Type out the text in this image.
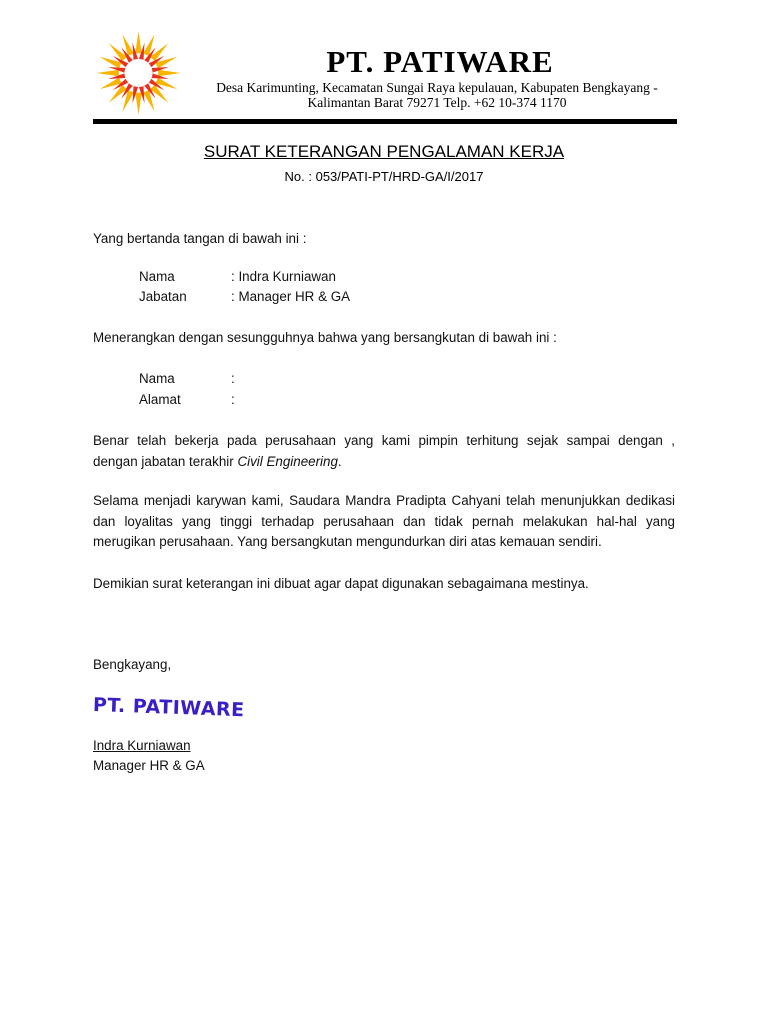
PT. PATIWARE
Desa Karimunting, Kecamatan Sungai Raya kepulauan, Kabupaten Bengkayang -
Kalimantan Barat 79271 Telp. +62 10-374 1170
SURAT KETERANGAN PENGALAMAN KERJA
No. : 053/PATI-PT/HRD-GA/I/2017
Yang bertanda tangan di bawah ini :
Nama	: Indra Kurniawan
Jabatan	: Manager HR & GA
Menerangkan dengan sesungguhnya bahwa yang bersangkutan di bawah ini :
Nama	:
Alamat	:
Benar telah bekerja pada perusahaan yang kami pimpin terhitung sejak sampai dengan ,
dengan jabatan terakhir Civil Engineering.
Selama menjadi karywan kami, Saudara Mandra Pradipta Cahyani telah menunjukkan dedikasi dan loyalitas yang tinggi terhadap perusahaan dan tidak pernah melakukan hal-hal yang merugikan perusahaan. Yang bersangkutan mengundurkan diri atas kemauan sendiri.
Demikian surat keterangan ini dibuat agar dapat digunakan sebagaimana mestinya.
Bengkayang,
PT. PATIWARE
Indra Kurniawan
Manager HR & GA
